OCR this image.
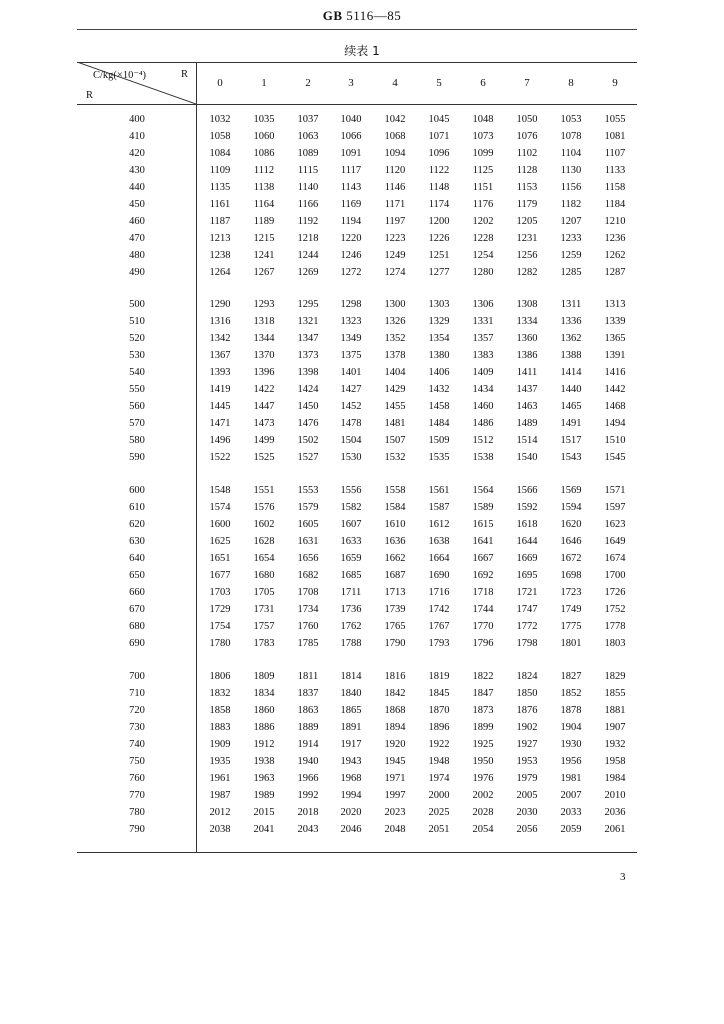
GB 5116—85
续表 1
C/kg(×10⁻⁴)	R
R
0	1	2	3	4	5	6	7	8	9
400	1032	1035	1037	1040	1042	1045	1048	1050	1053	1055
410	1058	1060	1063	1066	1068	1071	1073	1076	1078	1081
420	1084	1086	1089	1091	1094	1096	1099	1102	1104	1107
430	1109	1112	1115	1117	1120	1122	1125	1128	1130	1133
440	1135	1138	1140	1143	1146	1148	1151	1153	1156	1158
450	1161	1164	1166	1169	1171	1174	1176	1179	1182	1184
460	1187	1189	1192	1194	1197	1200	1202	1205	1207	1210
470	1213	1215	1218	1220	1223	1226	1228	1231	1233	1236
480	1238	1241	1244	1246	1249	1251	1254	1256	1259	1262
490	1264	1267	1269	1272	1274	1277	1280	1282	1285	1287
500	1290	1293	1295	1298	1300	1303	1306	1308	1311	1313
510	1316	1318	1321	1323	1326	1329	1331	1334	1336	1339
520	1342	1344	1347	1349	1352	1354	1357	1360	1362	1365
530	1367	1370	1373	1375	1378	1380	1383	1386	1388	1391
540	1393	1396	1398	1401	1404	1406	1409	1411	1414	1416
550	1419	1422	1424	1427	1429	1432	1434	1437	1440	1442
560	1445	1447	1450	1452	1455	1458	1460	1463	1465	1468
570	1471	1473	1476	1478	1481	1484	1486	1489	1491	1494
580	1496	1499	1502	1504	1507	1509	1512	1514	1517	1510
590	1522	1525	1527	1530	1532	1535	1538	1540	1543	1545
600	1548	1551	1553	1556	1558	1561	1564	1566	1569	1571
610	1574	1576	1579	1582	1584	1587	1589	1592	1594	1597
620	1600	1602	1605	1607	1610	1612	1615	1618	1620	1623
630	1625	1628	1631	1633	1636	1638	1641	1644	1646	1649
640	1651	1654	1656	1659	1662	1664	1667	1669	1672	1674
650	1677	1680	1682	1685	1687	1690	1692	1695	1698	1700
660	1703	1705	1708	1711	1713	1716	1718	1721	1723	1726
670	1729	1731	1734	1736	1739	1742	1744	1747	1749	1752
680	1754	1757	1760	1762	1765	1767	1770	1772	1775	1778
690	1780	1783	1785	1788	1790	1793	1796	1798	1801	1803
700	1806	1809	1811	1814	1816	1819	1822	1824	1827	1829
710	1832	1834	1837	1840	1842	1845	1847	1850	1852	1855
720	1858	1860	1863	1865	1868	1870	1873	1876	1878	1881
730	1883	1886	1889	1891	1894	1896	1899	1902	1904	1907
740	1909	1912	1914	1917	1920	1922	1925	1927	1930	1932
750	1935	1938	1940	1943	1945	1948	1950	1953	1956	1958
760	1961	1963	1966	1968	1971	1974	1976	1979	1981	1984
770	1987	1989	1992	1994	1997	2000	2002	2005	2007	2010
780	2012	2015	2018	2020	2023	2025	2028	2030	2033	2036
790	2038	2041	2043	2046	2048	2051	2054	2056	2059	2061
3
